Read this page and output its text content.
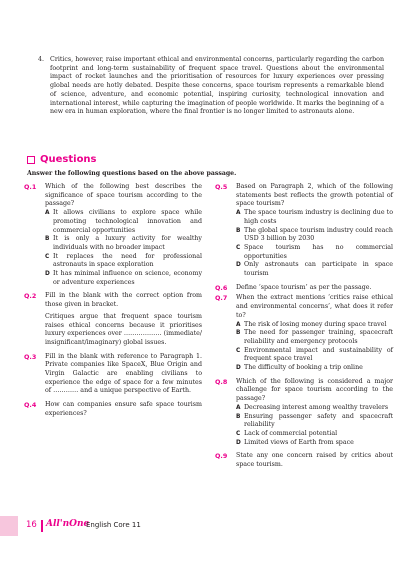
4. Critics, however, raise important ethical and environmental concerns, particularly regarding the carbon footprint and long-term sustainability of frequent space travel. Questions about the environmental impact of rocket launches and the prioritisation of resources for luxury experiences over pressing global needs are hotly debated. Despite these concerns, space tourism represents a remarkable blend of science, adventure, and economic potential, inspiring curiosity, technological innovation and international interest, while capturing the imagination of people worldwide. It marks the beginning of a new era in human exploration, where the final frontier is no longer limited to astronauts alone.
Questions
Answer the following questions based on the above passage.
Q.1 Which of the following best describes the significance of space tourism according to the passage?
A It allows civilians to explore space while promoting technological innovation and commercial opportunities
B It is only a luxury activity for wealthy individuals with no broader impact
C It replaces the need for professional astronauts in space exploration
D It has minimal influence on science, economy or adventure experiences
Q.2 Fill in the blank with the correct option from those given in bracket.
Critiques argue that frequent space tourism raises ethical concerns because it prioritises luxury experiences over ……………… (immediate/ insignificant/imaginary) global issues.
Q.3 Fill in the blank with reference to Paragraph 1. Private companies like SpaceX, Blue Origin and Virgin Galactic are enabling civilians to experience the edge of space for a few minutes of ………… and a unique perspective of Earth.
Q.4 How can companies ensure safe space tourism experiences?
Q.5 Based on Paragraph 2, which of the following statements best reflects the growth potential of space tourism?
A The space tourism industry is declining due to high costs
B The global space tourism industry could reach USD 3 billion by 2030
C Space tourism has no commercial opportunities
D Only astronauts can participate in space tourism
Q.6 Define ‘space tourism’ as per the passage.
Q.7 When the extract mentions ‘critics raise ethical and environmental concerns’, what does it refer to?
A The risk of losing money during space travel
B The need for passenger training, spacecraft reliability and emergency protocols
C Environmental impact and sustainability of frequent space travel
D The difficulty of booking a trip online
Q.8 Which of the following is considered a major challenge for space tourism according to the passage?
A Decreasing interest among wealthy travelers
B Ensuring passenger safety and spacecraft reliability
C Lack of commercial potential
D Limited views of Earth from space
Q.9 State any one concern raised by critics about space tourism.
16 All'nOne
English Core 11
